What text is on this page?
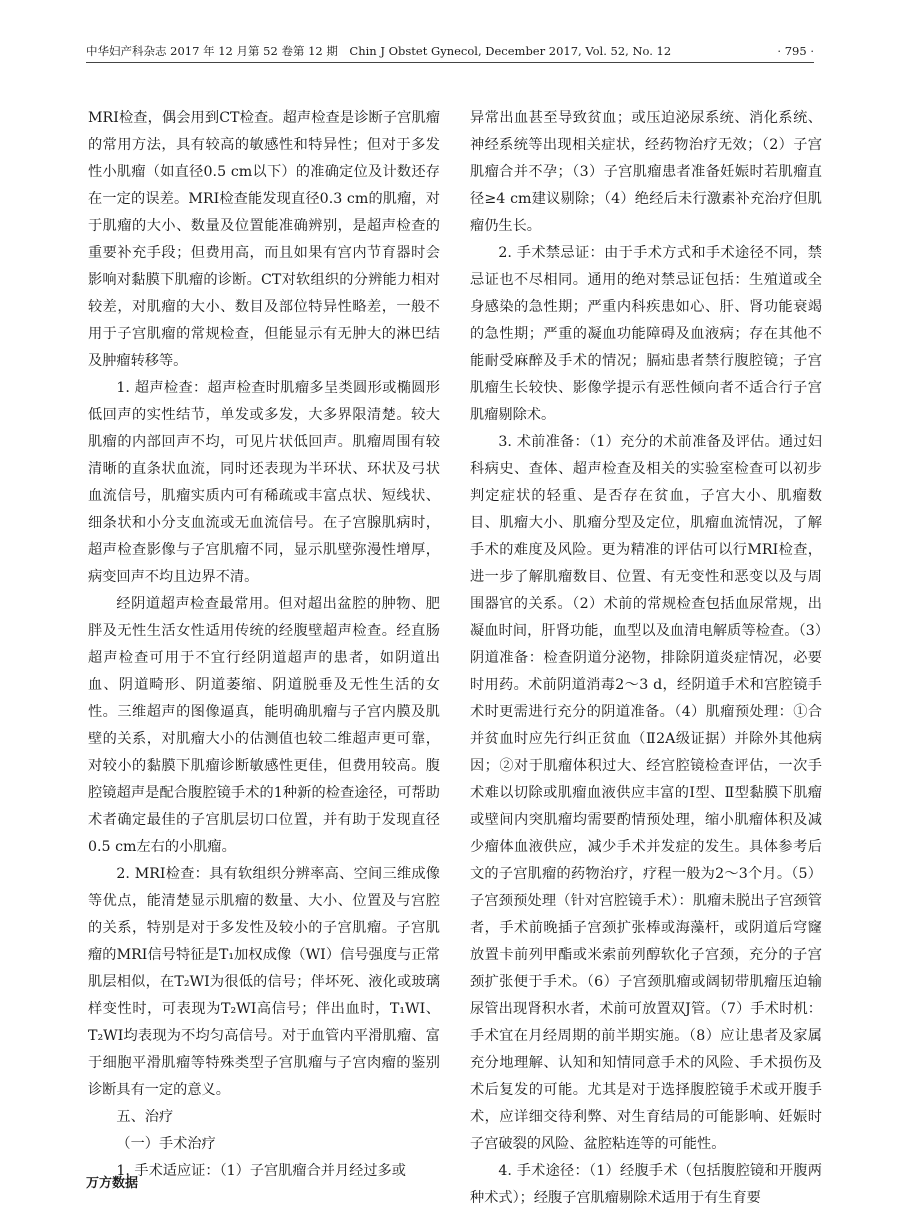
中华妇产科杂志 2017 年 12 月第 52 卷第 12 期　Chin J Obstet Gynecol, December 2017, Vol. 52, No. 12	· 795 ·

MRI检查，偶会用到CT检查。超声检查是诊断子宫肌瘤的常用方法，具有较高的敏感性和特异性；但对于多发性小肌瘤（如直径0.5 cm以下）的准确定位及计数还存在一定的误差。MRI检查能发现直径0.3 cm的肌瘤，对于肌瘤的大小、数量及位置能准确辨别，是超声检查的重要补充手段；但费用高，而且如果有宫内节育器时会影响对黏膜下肌瘤的诊断。CT对软组织的分辨能力相对较差，对肌瘤的大小、数目及部位特异性略差，一般不用于子宫肌瘤的常规检查，但能显示有无肿大的淋巴结及肿瘤转移等。

1. 超声检查：超声检查时肌瘤多呈类圆形或椭圆形低回声的实性结节，单发或多发，大多界限清楚。较大肌瘤的内部回声不均，可见片状低回声。肌瘤周围有较清晰的直条状血流，同时还表现为半环状、环状及弓状血流信号，肌瘤实质内可有稀疏或丰富点状、短线状、细条状和小分支血流或无血流信号。在子宫腺肌病时，超声检查影像与子宫肌瘤不同，显示肌壁弥漫性增厚，病变回声不均且边界不清。

经阴道超声检查最常用。但对超出盆腔的肿物、肥胖及无性生活女性适用传统的经腹壁超声检查。经直肠超声检查可用于不宜行经阴道超声的患者，如阴道出血、阴道畸形、阴道萎缩、阴道脱垂及无性生活的女性。三维超声的图像逼真，能明确肌瘤与子宫内膜及肌壁的关系，对肌瘤大小的估测值也较二维超声更可靠，对较小的黏膜下肌瘤诊断敏感性更佳，但费用较高。腹腔镜超声是配合腹腔镜手术的1种新的检查途径，可帮助术者确定最佳的子宫肌层切口位置，并有助于发现直径0.5 cm左右的小肌瘤。

2. MRI检查：具有软组织分辨率高、空间三维成像等优点，能清楚显示肌瘤的数量、大小、位置及与宫腔的关系，特别是对于多发性及较小的子宫肌瘤。子宫肌瘤的MRI信号特征是T₁加权成像（WI）信号强度与正常肌层相似，在T₂WI为很低的信号；伴坏死、液化或玻璃样变性时，可表现为T₂WI高信号；伴出血时，T₁WI、T₂WI均表现为不均匀高信号。对于血管内平滑肌瘤、富于细胞平滑肌瘤等特殊类型子宫肌瘤与子宫肉瘤的鉴别诊断具有一定的意义。

五、治疗

（一）手术治疗

1. 手术适应证：（1）子宫肌瘤合并月经过多或

异常出血甚至导致贫血；或压迫泌尿系统、消化系统、神经系统等出现相关症状，经药物治疗无效；（2）子宫肌瘤合并不孕；（3）子宫肌瘤患者准备妊娠时若肌瘤直径≥4 cm建议剔除；（4）绝经后未行激素补充治疗但肌瘤仍生长。

2. 手术禁忌证：由于手术方式和手术途径不同，禁忌证也不尽相同。通用的绝对禁忌证包括：生殖道或全身感染的急性期；严重内科疾患如心、肝、肾功能衰竭的急性期；严重的凝血功能障碍及血液病；存在其他不能耐受麻醉及手术的情况；膈疝患者禁行腹腔镜；子宫肌瘤生长较快、影像学提示有恶性倾向者不适合行子宫肌瘤剔除术。

3. 术前准备：（1）充分的术前准备及评估。通过妇科病史、查体、超声检查及相关的实验室检查可以初步判定症状的轻重、是否存在贫血，子宫大小、肌瘤数目、肌瘤大小、肌瘤分型及定位，肌瘤血流情况，了解手术的难度及风险。更为精准的评估可以行MRI检查，进一步了解肌瘤数目、位置、有无变性和恶变以及与周围器官的关系。（2）术前的常规检查包括血尿常规，出凝血时间，肝肾功能，血型以及血清电解质等检查。（3）阴道准备：检查阴道分泌物，排除阴道炎症情况，必要时用药。术前阴道消毒2～3 d，经阴道手术和宫腔镜手术时更需进行充分的阴道准备。（4）肌瘤预处理：①合并贫血时应先行纠正贫血（Ⅱ2A级证据）并除外其他病因；②对于肌瘤体积过大、经宫腔镜检查评估，一次手术难以切除或肌瘤血液供应丰富的Ⅰ型、Ⅱ型黏膜下肌瘤或壁间内突肌瘤均需要酌情预处理，缩小肌瘤体积及减少瘤体血液供应，减少手术并发症的发生。具体参考后文的子宫肌瘤的药物治疗，疗程一般为2～3个月。（5）子宫颈预处理（针对宫腔镜手术）：肌瘤未脱出子宫颈管者，手术前晚插子宫颈扩张棒或海藻杆，或阴道后穹窿放置卡前列甲酯或米索前列醇软化子宫颈，充分的子宫颈扩张便于手术。（6）子宫颈肌瘤或阔韧带肌瘤压迫输尿管出现肾积水者，术前可放置双J管。（7）手术时机：手术宜在月经周期的前半期实施。（8）应让患者及家属充分地理解、认知和知情同意手术的风险、手术损伤及术后复发的可能。尤其是对于选择腹腔镜手术或开腹手术，应详细交待利弊、对生育结局的可能影响、妊娠时子宫破裂的风险、盆腔粘连等的可能性。

4. 手术途径：（1）经腹手术（包括腹腔镜和开腹两种术式）；经腹子宫肌瘤剔除术适用于有生育要

万方数据
